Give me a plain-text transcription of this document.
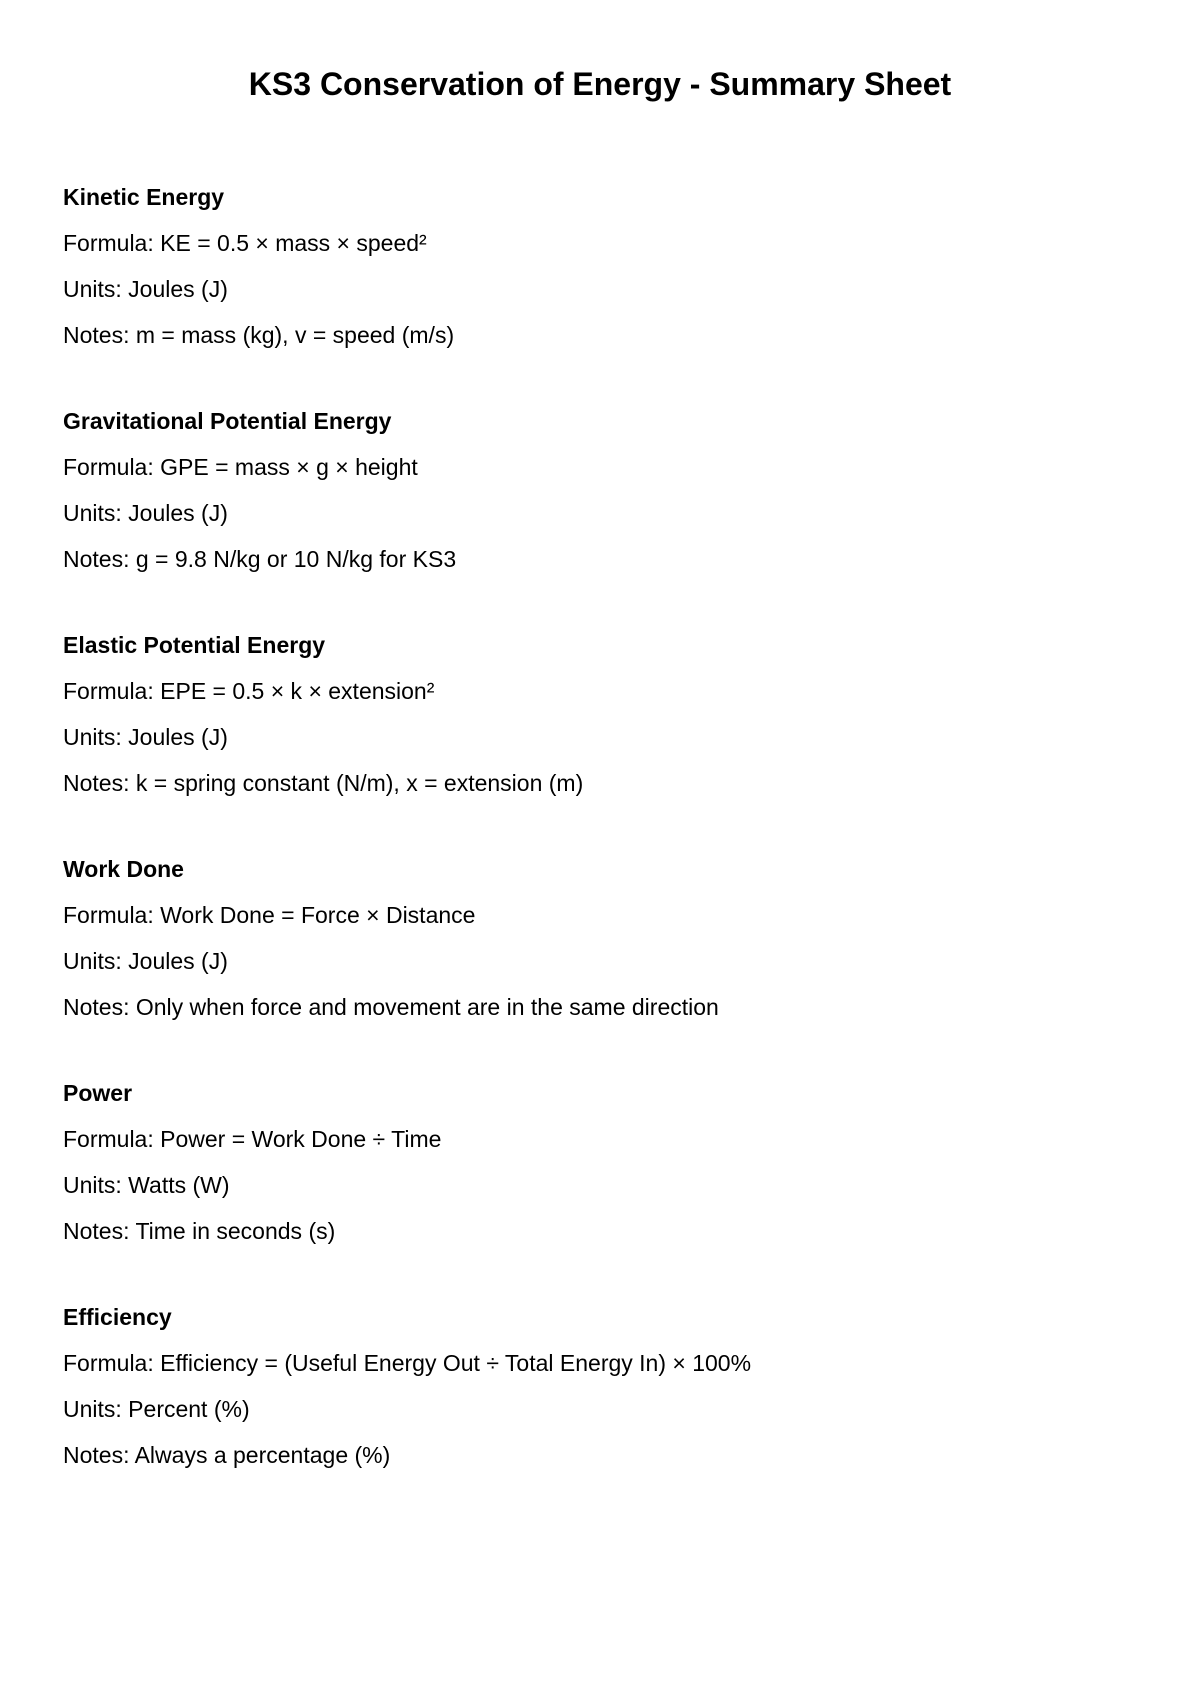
KS3 Conservation of Energy - Summary Sheet
Kinetic Energy

Formula: KE = 0.5 × mass × speed²

Units: Joules (J)

Notes: m = mass (kg), v = speed (m/s)

Gravitational Potential Energy

Formula: GPE = mass × g × height

Units: Joules (J)

Notes: g = 9.8 N/kg or 10 N/kg for KS3

Elastic Potential Energy

Formula: EPE = 0.5 × k × extension²

Units: Joules (J)

Notes: k = spring constant (N/m), x = extension (m)

Work Done

Formula: Work Done = Force × Distance

Units: Joules (J)

Notes: Only when force and movement are in the same direction

Power

Formula: Power = Work Done ÷ Time

Units: Watts (W)

Notes: Time in seconds (s)

Efficiency

Formula: Efficiency = (Useful Energy Out ÷ Total Energy In) × 100%

Units: Percent (%)

Notes: Always a percentage (%)
